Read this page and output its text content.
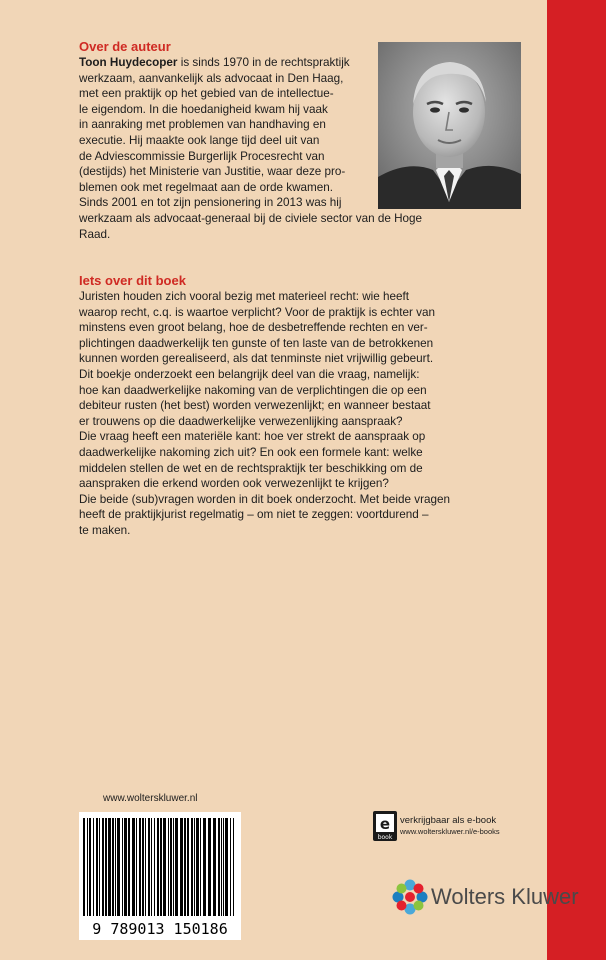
Over de auteur
Toon Huydecoper is sinds 1970 in de rechtspraktijk
werkzaam, aanvankelijk als advocaat in Den Haag,
met een praktijk op het gebied van de intellectue-
le eigendom. In die hoedanigheid kwam hij vaak
in aanraking met problemen van handhaving en
executie. Hij maakte ook lange tijd deel uit van
de Adviescommissie Burgerlijk Procesrecht van
(destijds) het Ministerie van Justitie, waar deze pro-
blemen ook met regelmaat aan de orde kwamen.
Sinds 2001 en tot zijn pensionering in 2013 was hij
werkzaam als advocaat-generaal bij de civiele sector van de Hoge
Raad.
Iets over dit boek
Juristen houden zich vooral bezig met materieel recht: wie heeft
waarop recht, c.q. is waartoe verplicht? Voor de praktijk is echter van
minstens even groot belang, hoe de desbetreffende rechten en ver-
plichtingen daadwerkelijk ten gunste of ten laste van de betrokkenen
kunnen worden gerealiseerd, als dat tenminste niet vrijwillig gebeurt.
Dit boekje onderzoekt een belangrijk deel van die vraag, namelijk:
hoe kan daadwerkelijke nakoming van de verplichtingen die op een
debiteur rusten (het best) worden verwezenlijkt; en wanneer bestaat
er trouwens op die daadwerkelijke verwezenlijking aanspraak?
Die vraag heeft een materiële kant: hoe ver strekt de aanspraak op
daadwerkelijke nakoming zich uit? En ook een formele kant: welke
middelen stellen de wet en de rechtspraktijk ter beschikking om de
aanspraken die erkend worden ook verwezenlijkt te krijgen?
Die beide (sub)vragen worden in dit boek onderzocht. Met beide vragen
heeft de praktijkjurist regelmatig – om niet te zeggen: voortdurend –
te maken.
www.wolterskluwer.nl
9 789013 150186
e
book
verkrijgbaar als e-book
www.wolterskluwer.nl/e-books
Wolters Kluwer
